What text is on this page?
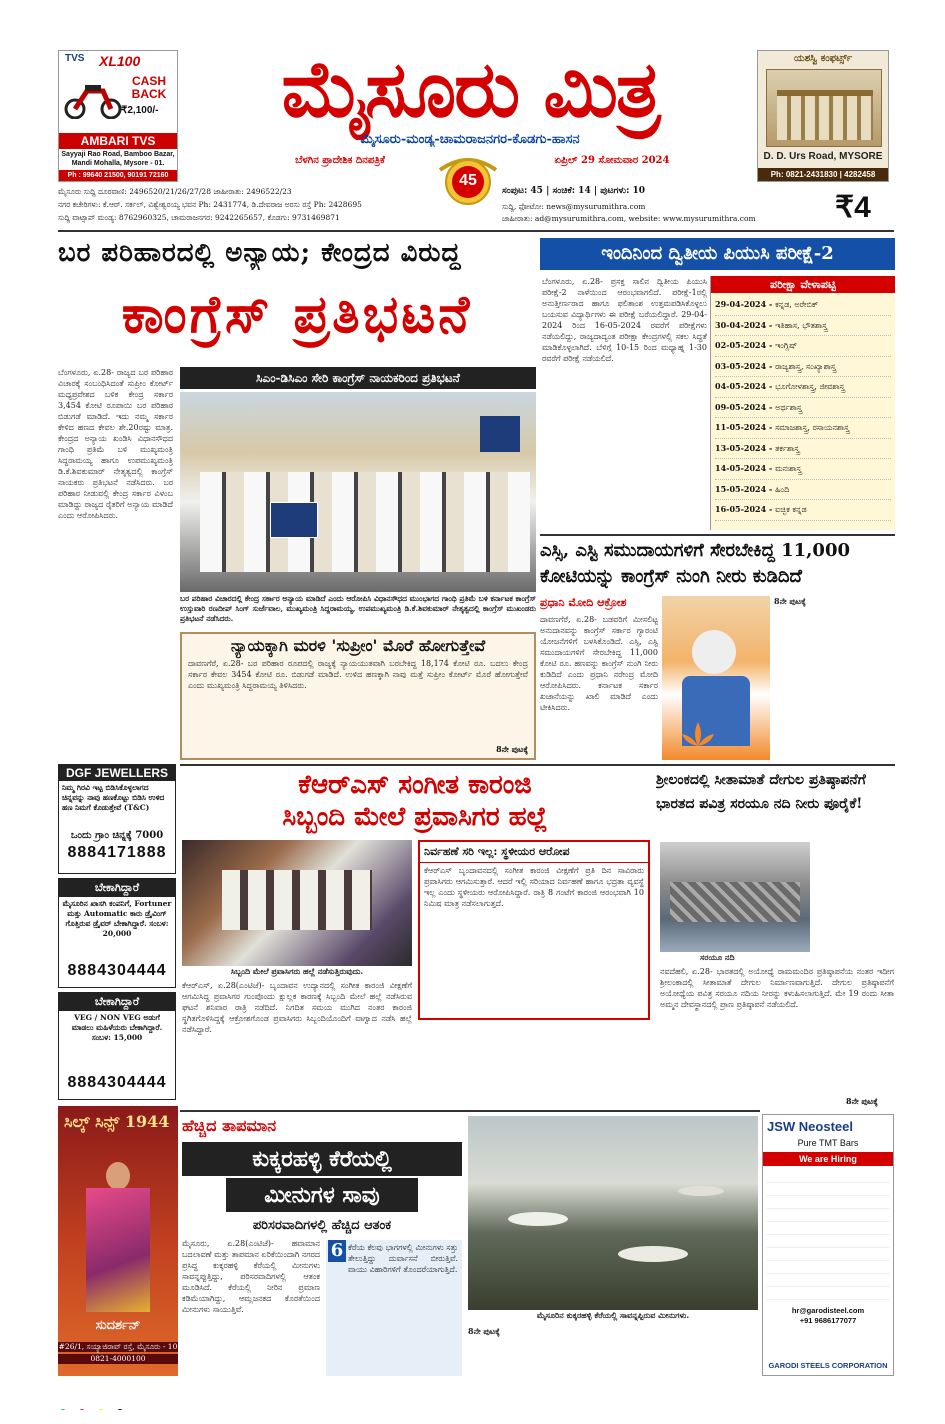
TVS XL100
CASH BACK
₹2,100/-
AMBARI TVS
Sayyaji Rao Road, Bamboo Bazar, Mandi Mohalla, Mysore - 01.
Ph : 99640 21500, 90191 72160
ಮೈಸೂರು ಮಿತ್ರ
ಮೈಸೂರು-ಮಂಡ್ಯ-ಚಾಮರಾಜನಗರ-ಕೊಡಗು-ಹಾಸನ
ಬೆಳಗಿನ ಪ್ರಾದೇಶಿಕ ದಿನಪತ್ರಿಕೆ	ಏಪ್ರಿಲ್ 29 ಸೋಮವಾರ 2024
45
ಯಶಸ್ವಿ ಕಂಫರ್ಟ್ಸ್
D. D. Urs Road, MYSORE
Ph: 0821-2431830 | 4282458
ಮೈಸೂರು ಸುದ್ದಿ ದೂರವಾಣಿ: 2496520/21/26/27/28 ಜಾಹೀರಾತು: 2496522/23
ನಗರ ಕಚೇರಿಗಳು: ಕೆ.ಆರ್. ಸರ್ಕಲ್, ವಿಶ್ವೇಶ್ವರಯ್ಯ ಭವನ Ph: 2431774, ಡಿ.ದೇವರಾಜ ಅರಸು ರಸ್ತೆ Ph: 2428695
ಸುದ್ದಿ ವಾಟ್ಸಾಪ್ ಮಂಡ್ಯ: 8762960325, ಚಾಮರಾಜನಗರ: 9242265657, ಕೊಡಗು: 9731469871
ಸಂಪುಟ: 45 | ಸಂಚಿಕೆ: 14 | ಪುಟಗಳು: 10
ಸುದ್ದಿ, ಫೋಟೋ: news@mysurumithra.com
ಜಾಹೀರಾತು: ad@mysurumithra.com, website: www.mysurumithra.com	₹4
ಬರ ಪರಿಹಾರದಲ್ಲಿ ಅನ್ಯಾಯ; ಕೇಂದ್ರದ ವಿರುದ್ಧ
ಕಾಂಗ್ರೆಸ್ ಪ್ರತಿಭಟನೆ
ಸಿಎಂ-ಡಿಸಿಎಂ ಸೇರಿ ಕಾಂಗ್ರೆಸ್ ನಾಯಕರಿಂದ ಪ್ರತಿಭಟನೆ
ಬೆಂಗಳೂರು, ಏ.28- ರಾಜ್ಯದ ಬರ ಪರಿಹಾರ ವಿಚಾರಕ್ಕೆ ಸಂಬಂಧಿಸಿದಂತೆ ಸುಪ್ರೀಂ ಕೋರ್ಟ್ ಮಧ್ಯಪ್ರವೇಶದ ಬಳಿಕ ಕೇಂದ್ರ ಸರ್ಕಾರ 3,454 ಕೋಟಿ ರೂಪಾಯಿ ಬರ ಪರಿಹಾರ ಬಿಡುಗಡೆ ಮಾಡಿದೆ. ಇದು ನಮ್ಮ ಸರ್ಕಾರ ಕೇಳಿದ ಹಣದ ಕೇವಲ ಶೇ.20ರಷ್ಟು ಮಾತ್ರ. ಕೇಂದ್ರದ ಅನ್ಯಾಯ ಖಂಡಿಸಿ ವಿಧಾನಸೌಧದ ಗಾಂಧಿ ಪ್ರತಿಮೆ ಬಳಿ ಮುಖ್ಯಮಂತ್ರಿ ಸಿದ್ದರಾಮಯ್ಯ ಹಾಗೂ ಉಪಮುಖ್ಯಮಂತ್ರಿ ಡಿ.ಕೆ.ಶಿವಕುಮಾರ್ ನೇತೃತ್ವದಲ್ಲಿ ಕಾಂಗ್ರೆಸ್ ನಾಯಕರು ಪ್ರತಿಭಟನೆ ನಡೆಸಿದರು. ಬರ ಪರಿಹಾರ ನೀಡುವಲ್ಲಿ ಕೇಂದ್ರ ಸರ್ಕಾರ ವಿಳಂಬ ಮಾಡಿದ್ದು ರಾಜ್ಯದ ರೈತರಿಗೆ ಅನ್ಯಾಯ ಮಾಡಿದೆ ಎಂದು ಆರೋಪಿಸಿದರು.
ಬರ ಪರಿಹಾರ ವಿಚಾರದಲ್ಲಿ ಕೇಂದ್ರ ಸರ್ಕಾರ ಅನ್ಯಾಯ ಮಾಡಿದೆ ಎಂದು ಆರೋಪಿಸಿ ವಿಧಾನಸೌಧದ ಮುಂಭಾಗದ ಗಾಂಧಿ ಪ್ರತಿಮೆ ಬಳಿ ಕರ್ನಾಟಕ ಕಾಂಗ್ರೆಸ್ ಉಸ್ತುವಾರಿ ರಣದೀಪ್ ಸಿಂಗ್ ಸುರ್ಜೆವಾಲ, ಮುಖ್ಯಮಂತ್ರಿ ಸಿದ್ದರಾಮಯ್ಯ, ಉಪಮುಖ್ಯಮಂತ್ರಿ ಡಿ.ಕೆ.ಶಿವಕುಮಾರ್ ನೇತೃತ್ವದಲ್ಲಿ ಕಾಂಗ್ರೆಸ್ ಮುಖಂಡರು ಪ್ರತಿಭಟನೆ ನಡೆಸಿದರು.
ನ್ಯಾಯಕ್ಕಾಗಿ ಮರಳಿ 'ಸುಪ್ರೀಂ' ಮೊರೆ ಹೋಗುತ್ತೇವೆ
ದಾವಣಗೆರೆ, ಏ.28- ಬರ ಪರಿಹಾರ ರೂಪದಲ್ಲಿ ರಾಜ್ಯಕ್ಕೆ ನ್ಯಾಯಯುತವಾಗಿ ಬರಬೇಕಿದ್ದ 18,174 ಕೋಟಿ ರೂ. ಬದಲು ಕೇಂದ್ರ ಸರ್ಕಾರ ಕೇವಲ 3454 ಕೋಟಿ ರೂ. ಬಿಡುಗಡೆ ಮಾಡಿದೆ. ಉಳಿದ ಹಣಕ್ಕಾಗಿ ನಾವು ಮತ್ತೆ ಸುಪ್ರೀಂ ಕೋರ್ಟ್ ಮೊರೆ ಹೋಗುತ್ತೇವೆ ಎಂದು ಮುಖ್ಯಮಂತ್ರಿ ಸಿದ್ದರಾಮಯ್ಯ ತಿಳಿಸಿದರು.
8ನೇ ಪುಟಕ್ಕೆ
ಇಂದಿನಿಂದ ದ್ವಿತೀಯ ಪಿಯುಸಿ ಪರೀಕ್ಷೆ-2
ಬೆಂಗಳೂರು, ಏ.28- ಪ್ರಸಕ್ತ ಸಾಲಿನ ದ್ವಿತೀಯ ಪಿಯುಸಿ ಪರೀಕ್ಷೆ-2 ನಾಳೆಯಿಂದ ಆರಂಭವಾಗಲಿದೆ. ಪರೀಕ್ಷೆ-1ರಲ್ಲಿ ಅನುತ್ತೀರ್ಣರಾದ ಹಾಗೂ ಫಲಿತಾಂಶ ಉತ್ತಮಪಡಿಸಿಕೊಳ್ಳಲು ಬಯಸುವ ವಿದ್ಯಾರ್ಥಿಗಳು ಈ ಪರೀಕ್ಷೆ ಬರೆಯಲಿದ್ದಾರೆ. 29-04-2024 ರಿಂದ 16-05-2024 ರವರೆಗೆ ಪರೀಕ್ಷೆಗಳು ನಡೆಯಲಿದ್ದು, ರಾಜ್ಯದಾದ್ಯಂತ ಪರೀಕ್ಷಾ ಕೇಂದ್ರಗಳಲ್ಲಿ ಸಕಲ ಸಿದ್ಧತೆ ಮಾಡಿಕೊಳ್ಳಲಾಗಿದೆ. ಬೆಳಿಗ್ಗೆ 10-15 ರಿಂದ ಮಧ್ಯಾಹ್ನ 1-30 ರವರೆಗೆ ಪರೀಕ್ಷೆ ನಡೆಯಲಿದೆ.
ಪರೀಕ್ಷಾ ವೇಳಾಪಟ್ಟಿ
29-04-2024 - ಕನ್ನಡ, ಅರೇಬಿಕ್
30-04-2024 - ಇತಿಹಾಸ, ಭೌತಶಾಸ್ತ್ರ
02-05-2024 - ಇಂಗ್ಲಿಷ್
03-05-2024 - ರಾಜ್ಯಶಾಸ್ತ್ರ, ಸಂಖ್ಯಾಶಾಸ್ತ್ರ
04-05-2024 - ಭೂಗೋಳಶಾಸ್ತ್ರ, ಜೀವಶಾಸ್ತ್ರ
09-05-2024 - ಅರ್ಥಶಾಸ್ತ್ರ
11-05-2024 - ಸಮಾಜಶಾಸ್ತ್ರ, ರಸಾಯನಶಾಸ್ತ್ರ
13-05-2024 - ತರ್ಕಶಾಸ್ತ್ರ
14-05-2024 - ಮನಃಶಾಸ್ತ್ರ
15-05-2024 - ಹಿಂದಿ
16-05-2024 - ಐಚ್ಛಿಕ ಕನ್ನಡ
ಎಸ್ಸಿ, ಎಸ್ಟಿ ಸಮುದಾಯಗಳಿಗೆ ಸೇರಬೇಕಿದ್ದ 11,000 ಕೋಟಿಯನ್ನು ಕಾಂಗ್ರೆಸ್ ನುಂಗಿ ನೀರು ಕುಡಿದಿದೆ
ಪ್ರಧಾನಿ ಮೋದಿ ಆಕ್ರೋಶ
ದಾವಣಗೆರೆ, ಏ.28- ಬಡವರಿಗೆ ಮೀಸಲಿಟ್ಟ ಅನುದಾನವನ್ನು ಕಾಂಗ್ರೆಸ್ ಸರ್ಕಾರ ಗ್ಯಾರಂಟಿ ಯೋಜನೆಗಳಿಗೆ ಬಳಸಿಕೊಂಡಿದೆ. ಎಸ್ಸಿ, ಎಸ್ಟಿ ಸಮುದಾಯಗಳಿಗೆ ಸೇರಬೇಕಿದ್ದ 11,000 ಕೋಟಿ ರೂ. ಹಣವನ್ನು ಕಾಂಗ್ರೆಸ್ ನುಂಗಿ ನೀರು ಕುಡಿದಿದೆ ಎಂದು ಪ್ರಧಾನಿ ನರೇಂದ್ರ ಮೋದಿ ಆರೋಪಿಸಿದರು. ಕರ್ನಾಟಕ ಸರ್ಕಾರ ಖಜಾನೆಯನ್ನು ಖಾಲಿ ಮಾಡಿದೆ ಎಂದು ಟೀಕಿಸಿದರು.
8ನೇ ಪುಟಕ್ಕೆ
DGF JEWELLERS
ನಿಮ್ಮ ಗಿರವಿ ಇಟ್ಟ ಬಿಡಿಸಿಕೊಳ್ಳಲಾಗದ ಚಿನ್ನವನ್ನು ನಾವು ಹಣಕೊಟ್ಟು ಬಿಡಿಸಿ ಉಳಿದ ಹಣ ನಿಮಗೆ ಕೊಡುತ್ತೇವೆ (T&C)
ಒಂದು ಗ್ರಾಂ ಚಿನ್ನಕ್ಕೆ 7000
8884171888
ಬೇಕಾಗಿದ್ದಾರೆ
ಮೈಸೂರಿನ ಖಾಸಗಿ ಕಂಪನಿಗೆ, Fortuner ಮತ್ತು Automatic ಕಾರು ಡ್ರೈವಿಂಗ್ ಗೊತ್ತಿರುವ ಡ್ರೈವರ್ ಬೇಕಾಗಿದ್ದಾರೆ. ಸಂಬಳ: 20,000
8884304444
ಬೇಕಾಗಿದ್ದಾರೆ
VEG / NON VEG ಅಡುಗೆ ಮಾಡಲು ಮಹಿಳೆಯರು ಬೇಕಾಗಿದ್ದಾರೆ. ಸಂಬಳ: 15,000
8884304444
ಸಿಲ್ಕ್ ಸಿನ್ಸ್ 1944
ಸುದರ್ಶನ್
#26/1, ಸಯ್ಯಾಜಿರಾವ್ ರಸ್ತೆ, ಮೈಸೂರು - 10
0821-4000100
ಕೆಆರ್‌ಎಸ್ ಸಂಗೀತ ಕಾರಂಜಿ
ಸಿಬ್ಬಂದಿ ಮೇಲೆ ಪ್ರವಾಸಿಗರ ಹಲ್ಲೆ
ಸಿಬ್ಬಂದಿ ಮೇಲೆ ಪ್ರವಾಸಿಗರು ಹಲ್ಲೆ ನಡೆಸುತ್ತಿರುವುದು.
ಕೆಆರ್‌ಎಸ್, ಏ.28(ಎಂಟಿಜೆ)- ಬೃಂದಾವನ ಉದ್ಯಾನದಲ್ಲಿ ಸಂಗೀತ ಕಾರಂಜಿ ವೀಕ್ಷಣೆಗೆ ಆಗಮಿಸಿದ್ದ ಪ್ರವಾಸಿಗರ ಗುಂಪೊಂದು ಕ್ಷುಲ್ಲಕ ಕಾರಣಕ್ಕೆ ಸಿಬ್ಬಂದಿ ಮೇಲೆ ಹಲ್ಲೆ ನಡೆಸಿರುವ ಘಟನೆ ಶನಿವಾರ ರಾತ್ರಿ ನಡೆದಿದೆ. ನಿಗದಿತ ಸಮಯ ಮುಗಿದ ನಂತರ ಕಾರಂಜಿ ಸ್ಥಗಿತಗೊಳಿಸಿದ್ದಕ್ಕೆ ಆಕ್ರೋಶಗೊಂಡ ಪ್ರವಾಸಿಗರು ಸಿಬ್ಬಂದಿಯೊಂದಿಗೆ ವಾಗ್ವಾದ ನಡೆಸಿ ಹಲ್ಲೆ ನಡೆಸಿದ್ದಾರೆ.
ನಿರ್ವಹಣೆ ಸರಿ ಇಲ್ಲ: ಸ್ಥಳೀಯರ ಆರೋಪ
ಕೆಆರ್‌ಎಸ್ ಬೃಂದಾವನದಲ್ಲಿ ಸಂಗೀತ ಕಾರಂಜಿ ವೀಕ್ಷಣೆಗೆ ಪ್ರತಿ ದಿನ ಸಾವಿರಾರು ಪ್ರವಾಸಿಗರು ಆಗಮಿಸುತ್ತಾರೆ. ಆದರೆ ಇಲ್ಲಿ ಸರಿಯಾದ ನಿರ್ವಹಣೆ ಹಾಗೂ ಭದ್ರತಾ ವ್ಯವಸ್ಥೆ ಇಲ್ಲ ಎಂದು ಸ್ಥಳೀಯರು ಆರೋಪಿಸಿದ್ದಾರೆ. ರಾತ್ರಿ 8 ಗಂಟೆಗೆ ಕಾರಂಜಿ ಆರಂಭವಾಗಿ 10 ನಿಮಿಷ ಮಾತ್ರ ನಡೆಸಲಾಗುತ್ತದೆ.
ಶ್ರೀಲಂಕದಲ್ಲಿ ಸೀತಾಮಾತೆ ದೇಗುಲ ಪ್ರತಿಷ್ಠಾಪನೆಗೆ ಭಾರತದ ಪವಿತ್ರ ಸರಯೂ ನದಿ ನೀರು ಪೂರೈಕೆ!
ಸರಯೂ ನದಿ
ನವದೆಹಲಿ, ಏ.28- ಭಾರತದಲ್ಲಿ ಅಯೋಧ್ಯೆ ರಾಮಮಂದಿರ ಪ್ರತಿಷ್ಠಾಪನೆಯ ನಂತರ ಇದೀಗ ಶ್ರೀಲಂಕಾದಲ್ಲಿ ಸೀತಾಮಾತೆ ದೇಗುಲ ನಿರ್ಮಾಣವಾಗುತ್ತಿದೆ. ದೇಗುಲ ಪ್ರತಿಷ್ಠಾಪನೆಗೆ ಅಯೋಧ್ಯೆಯ ಪವಿತ್ರ ಸರಯೂ ನದಿಯ ನೀರನ್ನು ಕಳುಹಿಸಲಾಗುತ್ತಿದೆ. ಮೇ 19 ರಂದು ಸೀತಾ ಅಮ್ಮನ ದೇವಸ್ಥಾನದಲ್ಲಿ ಪ್ರಾಣ ಪ್ರತಿಷ್ಠಾಪನೆ ನಡೆಯಲಿದೆ.
8ನೇ ಪುಟಕ್ಕೆ
ಹೆಚ್ಚಿದ ತಾಪಮಾನ
ಕುಕ್ಕರಹಳ್ಳಿ ಕೆರೆಯಲ್ಲಿ
ಮೀನುಗಳ ಸಾವು
ಪರಿಸರವಾದಿಗಳಲ್ಲಿ ಹೆಚ್ಚಿದ ಆತಂಕ
ಮೈಸೂರಿನ ಕುಕ್ಕರಹಳ್ಳಿ ಕೆರೆಯಲ್ಲಿ ಸಾವನ್ನಪ್ಪಿರುವ ಮೀನುಗಳು.
ಮೈಸೂರು, ಏ.28(ಎಂಟಿಜೆ)- ಹವಾಮಾನ ಬದಲಾವಣೆ ಮತ್ತು ತಾಪಮಾನ ಏರಿಕೆಯಿಂದಾಗಿ ನಗರದ ಪ್ರಸಿದ್ಧ ಕುಕ್ಕರಹಳ್ಳಿ ಕೆರೆಯಲ್ಲಿ ಮೀನುಗಳು ಸಾವನ್ನಪ್ಪುತ್ತಿದ್ದು, ಪರಿಸರವಾದಿಗಳಲ್ಲಿ ಆತಂಕ ಮೂಡಿಸಿದೆ. ಕೆರೆಯಲ್ಲಿ ನೀರಿನ ಪ್ರಮಾಣ ಕಡಿಮೆಯಾಗಿದ್ದು, ಆಮ್ಲಜನಕದ ಕೊರತೆಯಿಂದ ಮೀನುಗಳು ಸಾಯುತ್ತಿವೆ.
6 ಕೆರೆಯ ಕೆಲವು ಭಾಗಗಳಲ್ಲಿ ಮೀನುಗಳು ಸತ್ತು ತೇಲುತ್ತಿದ್ದು ದುರ್ವಾಸನೆ ಬೀರುತ್ತಿವೆ. ವಾಯು ವಿಹಾರಿಗಳಿಗೆ ತೊಂದರೆಯಾಗುತ್ತಿದೆ.
8ನೇ ಪುಟಕ್ಕೆ
JSW Neosteel
Pure TMT Bars
We are Hiring
hr@garodisteel.com
+91 9686177077
GARODI STEELS CORPORATION
